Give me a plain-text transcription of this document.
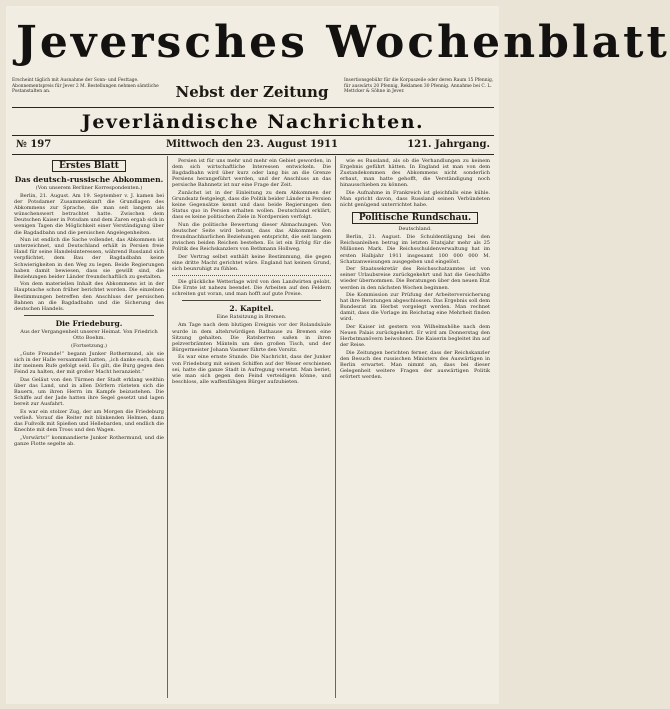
Jeversches Wochenblatt
Erscheint täglich mit Ausnahme der Sonn- und Festtage. Abonnementspreis für Jever 2 M. Bestellungen nehmen sämtliche Postanstalten an.	Nebst der Zeitung
Insertionsgebühr für die Korpuszeile oder deren Raum 15 Pfennig, für auswärts 20 Pfennig, Reklamen 30 Pfennig. Annahme bei C. L. Mettcker & Söhne in Jever.
Jeverländische Nachrichten.
№ 197	Mittwoch den 23. August 1911	121. Jahrgang.
Erstes Blatt
Das deutsch-russische Abkommen.
(Von unserem Berliner Korrespondenten.)

Berlin, 21. August. Am 19. September v. J. kamen bei der Potsdamer Zusammenkunft die Grundlagen des Abkommens zur Sprache, die man seit langem als wünschenswert betrachtet hatte. Zwischen dem Deutschen Kaiser in Potsdam und dem Zaren ergab sich in wenigen Tagen die Möglichkeit einer Verständigung über die Bagdadbahn und die persischen Angelegenheiten.

Nun ist endlich die Sache vollendet, das Abkommen ist unterzeichnet, und Deutschland erhält in Persien freie Hand für seine Handelsinteressen, während Russland sich verpflichtet, dem Bau der Bagdadbahn keine Schwierigkeiten in den Weg zu legen. Beide Regierungen haben damit bewiesen, dass sie gewillt sind, die Beziehungen beider Länder freundschaftlich zu gestalten.

Von dem materiellen Inhalt des Abkommens ist in der Hauptsache schon früher berichtet worden. Die einzelnen Bestimmungen betreffen den Anschluss der persischen Bahnen an die Bagdadbahn und die Sicherung des deutschen Handels.

Die Friedeburg.
Aus der Vergangenheit unserer Heimat. Von Friedrich Otto Boehm.
(Fortsetzung.)

„Gute Freunde!“ begann Junker Rothermund, als sie sich in der Halle versammelt hatten, „ich danke euch, dass ihr meinem Rufe gefolgt seid. Es gilt, die Burg gegen den Feind zu halten, der mit großer Macht heranzieht.“

Das Geläut von den Türmen der Stadt erklang weithin über das Land, und in allen Dörfern rüsteten sich die Bauern, um ihren Herrn im Kampfe beizustehen. Die Schiffe auf der Jade hatten ihre Segel gesetzt und lagen bereit zur Ausfahrt.

Es war ein stolzer Zug, der am Morgen die Friedeburg verließ. Vorauf die Reiter mit blinkenden Helmen, dann das Fußvolk mit Spießen und Hellebarden, und endlich die Knechte mit dem Tross und den Wagen.

„Vorwärts!“ kommandierte Junker Rothermund, und die ganze Flotte segelte ab.

Persien ist für uns mehr und mehr ein Gebiet geworden, in dem sich wirtschaftliche Interessen entwickeln. Die Bagdadbahn wird über kurz oder lang bis an die Grenze Persiens herangeführt werden, und der Anschluss an das persische Bahnnetz ist nur eine Frage der Zeit.

Zunächst ist in der Einleitung zu dem Abkommen der Grundsatz festgelegt, dass die Politik beider Länder in Persien keine Gegensätze kennt und dass beide Regierungen den Status quo in Persien erhalten wollen. Deutschland erklärt, dass es keine politischen Ziele in Nordpersien verfolgt.

Nun die politische Bewertung dieser Abmachungen. Von deutscher Seite wird betont, dass das Abkommen den freundnachbarlichen Beziehungen entspricht, die seit langem zwischen beiden Reichen bestehen. Es ist ein Erfolg für die Politik des Reichskanzlers von Bethmann Hollweg.

Der Vertrag selbst enthält keine Bestimmung, die gegen eine dritte Macht gerichtet wäre. England hat keinen Grund, sich beunruhigt zu fühlen.

Die glückliche Wetterlage wird von den Landwirten gelobt. Die Ernte ist nahezu beendet. Die Arbeiten auf den Feldern schreiten gut voran, und man hofft auf gute Preise.

2. Kapitel.
Eine Ratsitzung in Bremen.

Am Tage nach dem blutigen Ereignis vor der Rolandsäule wurde in dem altehrwürdigen Rathause zu Bremen eine Sitzung gehalten. Die Ratsherren saßen in ihren pelzverbrämten Mänteln um den großen Tisch, und der Bürgermeister Johann Vasmer führte den Vorsitz.

Es war eine ernste Stunde. Die Nachricht, dass der Junker von Friedeburg mit seinen Schiffen auf der Weser erschienen sei, hatte die ganze Stadt in Aufregung versetzt. Man beriet, wie man sich gegen den Feind verteidigen könne, und beschloss, alle waffenfähigen Bürger aufzubieten.

wie es Russland, als ob die Verhandlungen zu keinem Ergebnis geführt hätten. In England ist man von dem Zustandekommen des Abkommens nicht sonderlich erbaut, man hatte gehofft, die Verständigung noch hinausschieben zu können.

Die Aufnahme in Frankreich ist gleichfalls eine kühle. Man spricht davon, dass Russland seinen Verbündeten nicht genügend unterrichtet habe.

Politische Rundschau.
Deutschland.

Berlin, 21. August. Die Schuldentilgung bei den Reichsanleihen betrug im letzten Etatsjahr mehr als 25 Millionen Mark. Die Reichsschuldenverwaltung hat im ersten Halbjahr 1911 insgesamt 100 000 000 M. Schatzanweisungen ausgegeben und eingelöst.

Der Staatssekretär des Reichsschatzamtes ist von seiner Urlaubsreise zurückgekehrt und hat die Geschäfte wieder übernommen. Die Beratungen über den neuen Etat werden in den nächsten Wochen beginnen.

Die Kommission zur Prüfung der Arbeiterversicherung hat ihre Beratungen abgeschlossen. Das Ergebnis soll dem Bundesrat im Herbst vorgelegt werden. Man rechnet damit, dass die Vorlage im Reichstag eine Mehrheit finden wird.

Der Kaiser ist gestern von Wilhelmshöhe nach dem Neuen Palais zurückgekehrt. Er wird am Donnerstag den Herbstmanövern beiwohnen. Die Kaiserin begleitet ihn auf der Reise.

Die Zeitungen berichten ferner, dass der Reichskanzler den Besuch des russischen Ministers des Auswärtigen in Berlin erwartet. Man nimmt an, dass bei dieser Gelegenheit weitere Fragen der auswärtigen Politik erörtert werden.
